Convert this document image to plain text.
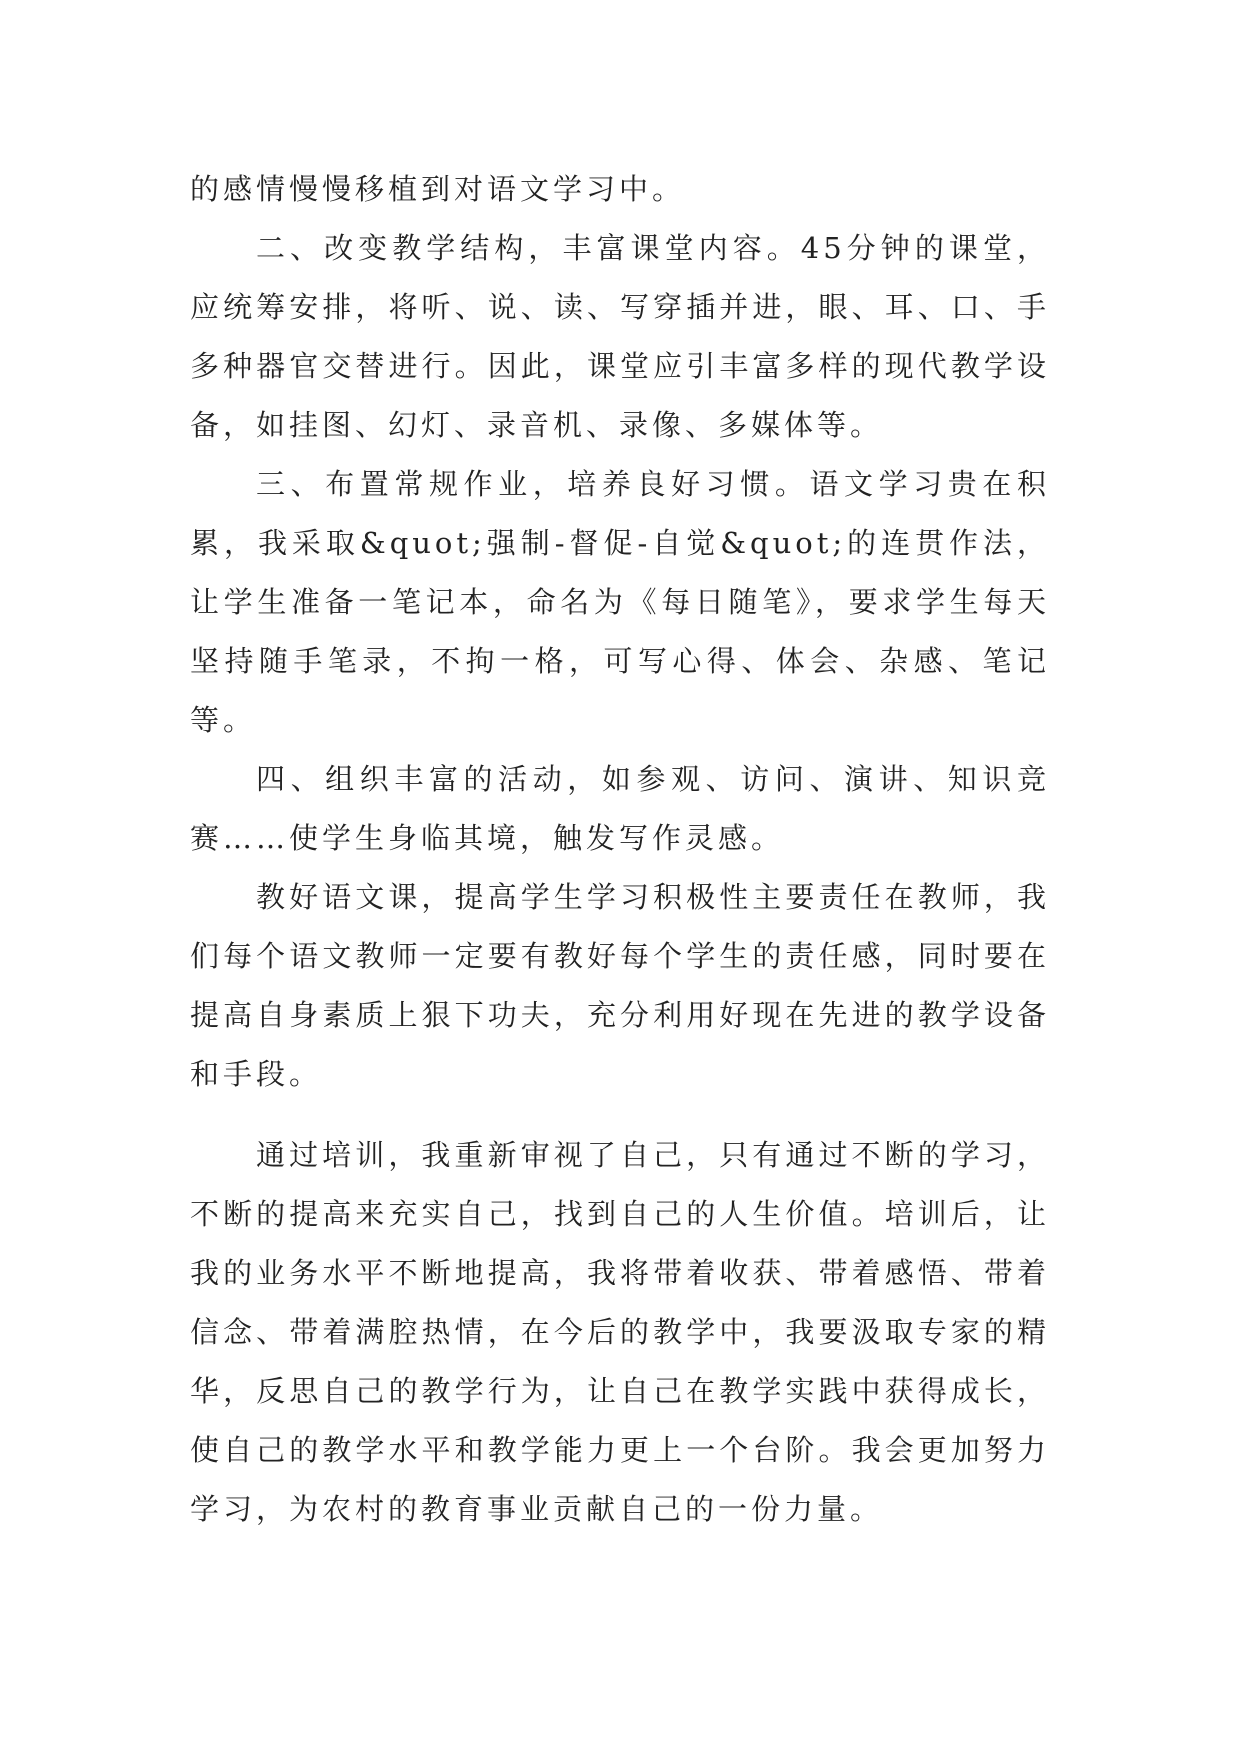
的感情慢慢移植到对语文学习中。

二、改变教学结构，丰富课堂内容。45分钟的课堂，应统筹安排，将听、说、读、写穿插并进，眼、耳、口、手多种器官交替进行。因此，课堂应引丰富多样的现代教学设备，如挂图、幻灯、录音机、录像、多媒体等。

三、布置常规作业，培养良好习惯。语文学习贵在积累，我采取&quot;强制-督促-自觉&quot;的连贯作法，让学生准备一笔记本，命名为《每日随笔》，要求学生每天坚持随手笔录，不拘一格，可写心得、体会、杂感、笔记等。

四、组织丰富的活动，如参观、访问、演讲、知识竞赛……使学生身临其境，触发写作灵感。

教好语文课，提高学生学习积极性主要责任在教师，我们每个语文教师一定要有教好每个学生的责任感，同时要在提高自身素质上狠下功夫，充分利用好现在先进的教学设备和手段。

通过培训，我重新审视了自己，只有通过不断的学习，不断的提高来充实自己，找到自己的人生价值。培训后，让我的业务水平不断地提高，我将带着收获、带着感悟、带着信念、带着满腔热情，在今后的教学中，我要汲取专家的精华，反思自己的教学行为，让自己在教学实践中获得成长，使自己的教学水平和教学能力更上一个台阶。我会更加努力学习，为农村的教育事业贡献自己的一份力量。
